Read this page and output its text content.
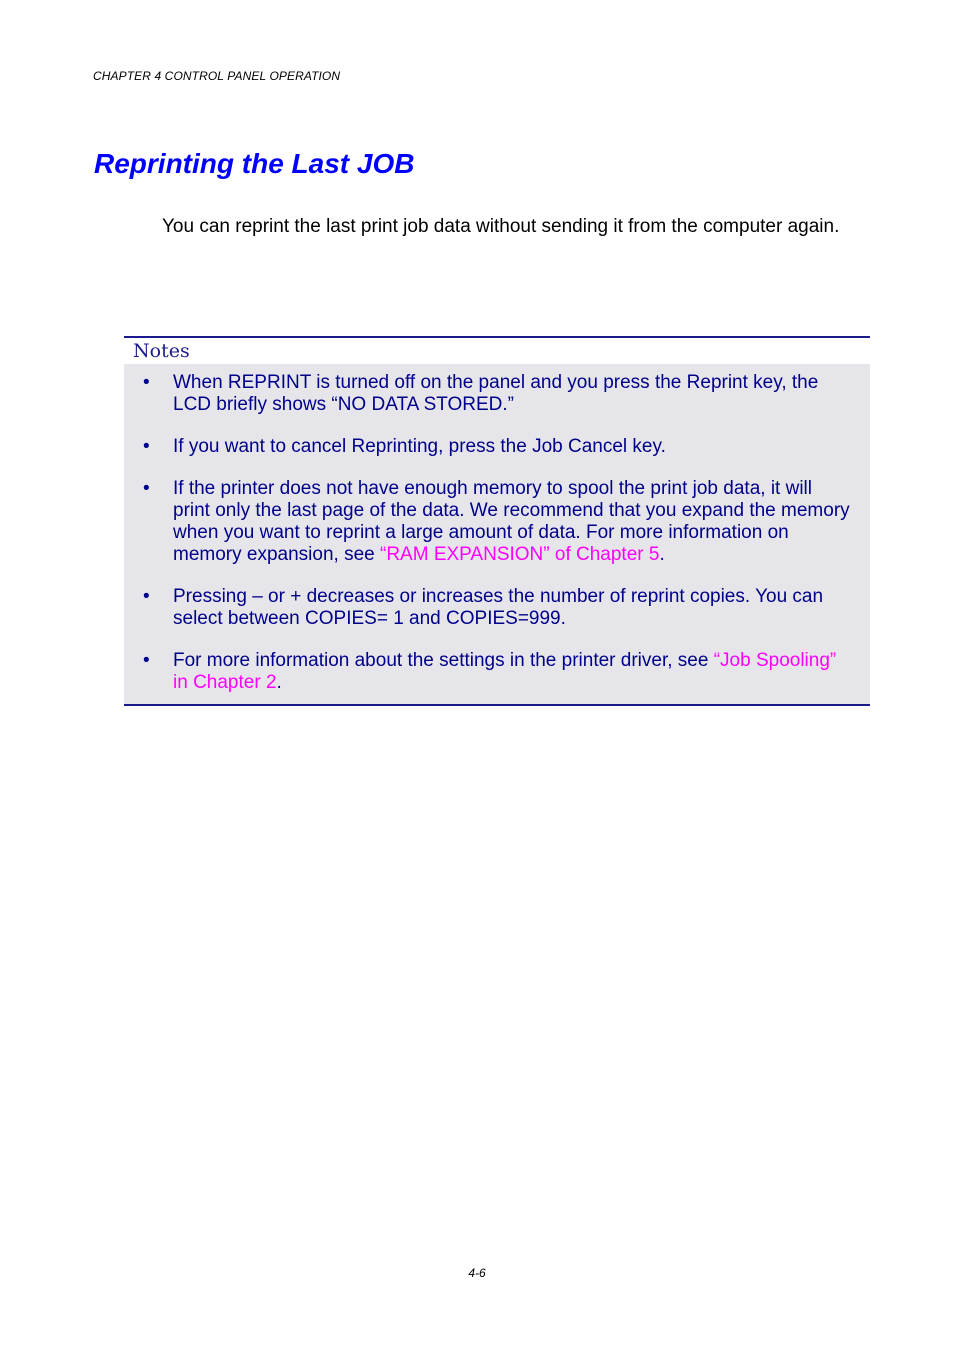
CHAPTER 4 CONTROL PANEL OPERATION
Reprinting the Last JOB

You can reprint the last print job data without sending it from the computer again.

Notes
• When REPRINT is turned off on the panel and you press the Reprint key, the LCD briefly shows “NO DATA STORED.”
• If you want to cancel Reprinting, press the Job Cancel key.
• If the printer does not have enough memory to spool the print job data, it will print only the last page of the data. We recommend that you expand the memory when you want to reprint a large amount of data. For more information on memory expansion, see “RAM EXPANSION” of Chapter 5.
• Pressing – or + decreases or increases the number of reprint copies. You can select between COPIES= 1 and COPIES=999.
• For more information about the settings in the printer driver, see “Job Spooling” in Chapter 2.
4-6
